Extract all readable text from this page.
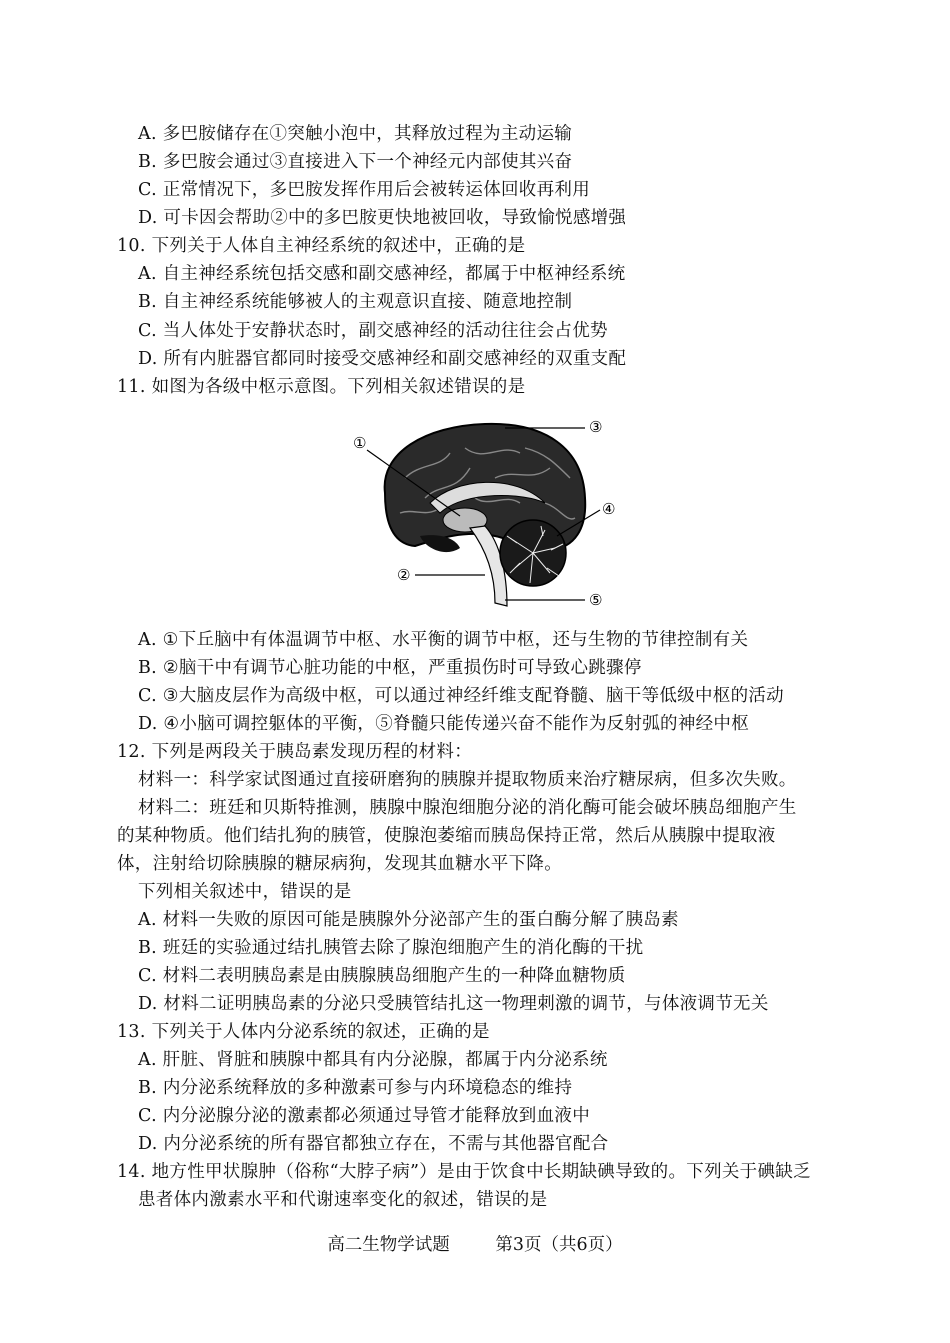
A. 多巴胺储存在①突触小泡中，其释放过程为主动运输
B. 多巴胺会通过③直接进入下一个神经元内部使其兴奋
C. 正常情况下，多巴胺发挥作用后会被转运体回收再利用
D. 可卡因会帮助②中的多巴胺更快地被回收，导致愉悦感增强
10. 下列关于人体自主神经系统的叙述中，正确的是
A. 自主神经系统包括交感和副交感神经，都属于中枢神经系统
B. 自主神经系统能够被人的主观意识直接、随意地控制
C. 当人体处于安静状态时，副交感神经的活动往往会占优势
D. 所有内脏器官都同时接受交感神经和副交感神经的双重支配
11. 如图为各级中枢示意图。下列相关叙述错误的是
①
③
④
②
⑤
A. ①下丘脑中有体温调节中枢、水平衡的调节中枢，还与生物的节律控制有关
B. ②脑干中有调节心脏功能的中枢，严重损伤时可导致心跳骤停
C. ③大脑皮层作为高级中枢，可以通过神经纤维支配脊髓、脑干等低级中枢的活动
D. ④小脑可调控躯体的平衡，⑤脊髓只能传递兴奋不能作为反射弧的神经中枢
12. 下列是两段关于胰岛素发现历程的材料：
材料一：科学家试图通过直接研磨狗的胰腺并提取物质来治疗糖尿病，但多次失败。
材料二：班廷和贝斯特推测，胰腺中腺泡细胞分泌的消化酶可能会破坏胰岛细胞产生
的某种物质。他们结扎狗的胰管，使腺泡萎缩而胰岛保持正常，然后从胰腺中提取液
体，注射给切除胰腺的糖尿病狗，发现其血糖水平下降。
下列相关叙述中，错误的是
A. 材料一失败的原因可能是胰腺外分泌部产生的蛋白酶分解了胰岛素
B. 班廷的实验通过结扎胰管去除了腺泡细胞产生的消化酶的干扰
C. 材料二表明胰岛素是由胰腺胰岛细胞产生的一种降血糖物质
D. 材料二证明胰岛素的分泌只受胰管结扎这一物理刺激的调节，与体液调节无关
13. 下列关于人体内分泌系统的叙述，正确的是
A. 肝脏、肾脏和胰腺中都具有内分泌腺，都属于内分泌系统
B. 内分泌系统释放的多种激素可参与内环境稳态的维持
C. 内分泌腺分泌的激素都必须通过导管才能释放到血液中
D. 内分泌系统的所有器官都独立存在，不需与其他器官配合
14. 地方性甲状腺肿（俗称“大脖子病”）是由于饮食中长期缺碘导致的。下列关于碘缺乏
患者体内激素水平和代谢速率变化的叙述，错误的是
高二生物学试题	第3页（共6页）
